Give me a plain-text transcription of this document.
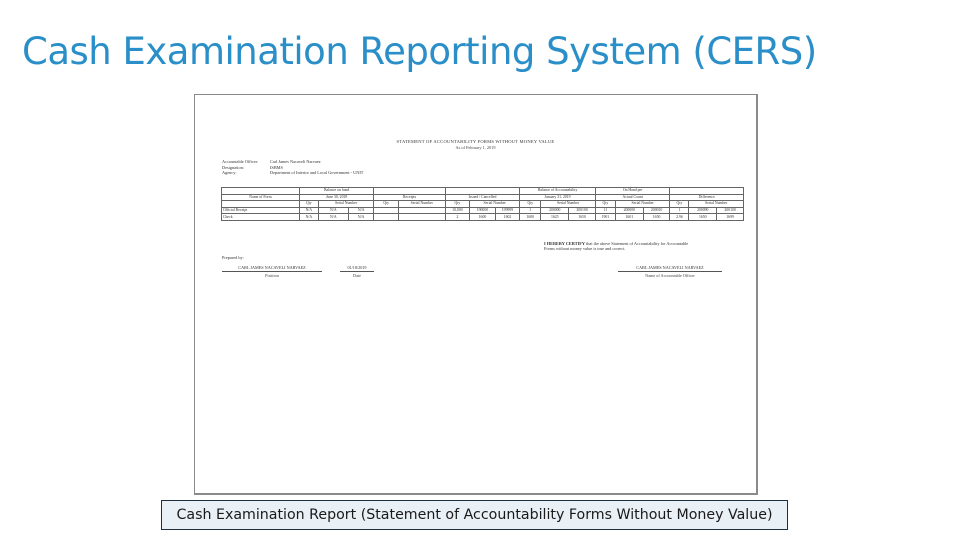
Cash Examination Reporting System (CERS)
STATEMENT OF ACCOUNTABILITY FORMS WITHOUT MONEY VALUE
As of February 1, 2019
Accountable Officer:	Carl James Nacaveli Narvaez
Designation:	ISBMS
Agency:	Department of Interior and Local Government - UNIT
	Balance on hand								Balance of Accountability			On Hand per					
Name of Form	June 30, 2018			Receipts		Issued / Cancelled			January 31, 2019			Actual Count			Difference		
	Qty	Serial Number		Qty	Serial Number	Qty	Serial Number		Qty	Serial Number		Qty	Serial Number		Qty	Serial Number	
Official Receipt	N/A	N/A	N/A			10,000	190000	199999	1	200000	200100	11	200000	200010	1	200090	200100
Check	N/A	N/A	N/A			2	1600	1602	1600	1625	1650	1901	1601	1650	2.96	1650	1699
I HEREBY CERTIFY that the above Statement of Accountability for Accountable
Forms without money value is true and correct.
Prepared by:
CARL JAMES NACAVELI NARVAEZ
Position
01/18/2019
Date
CARL JAMES NACAVELI NARVAEZ
Name of Accountable Officer
Cash Examination Report (Statement of Accountability Forms Without Money Value)
